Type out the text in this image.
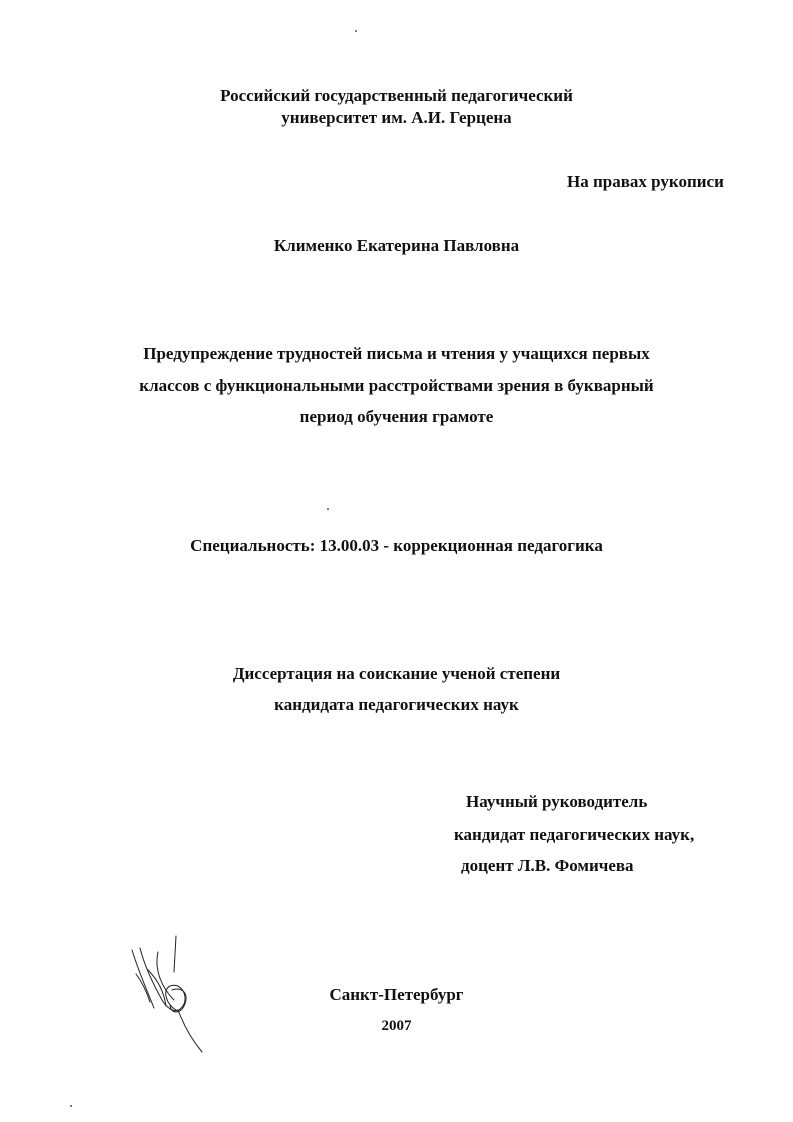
Российский государственный педагогический

университет им. А.И. Герцена

На правах рукописи

Клименко Екатерина Павловна

Предупреждение трудностей письма и чтения у учащихся первых

классов с функциональными расстройствами зрения в букварный

период обучения грамоте

Специальность: 13.00.03 - коррекционная педагогика

Диссертация на соискание ученой степени

кандидата педагогических наук

Научный руководитель

кандидат педагогических наук,

доцент Л.В. Фомичева

Санкт-Петербург

2007
